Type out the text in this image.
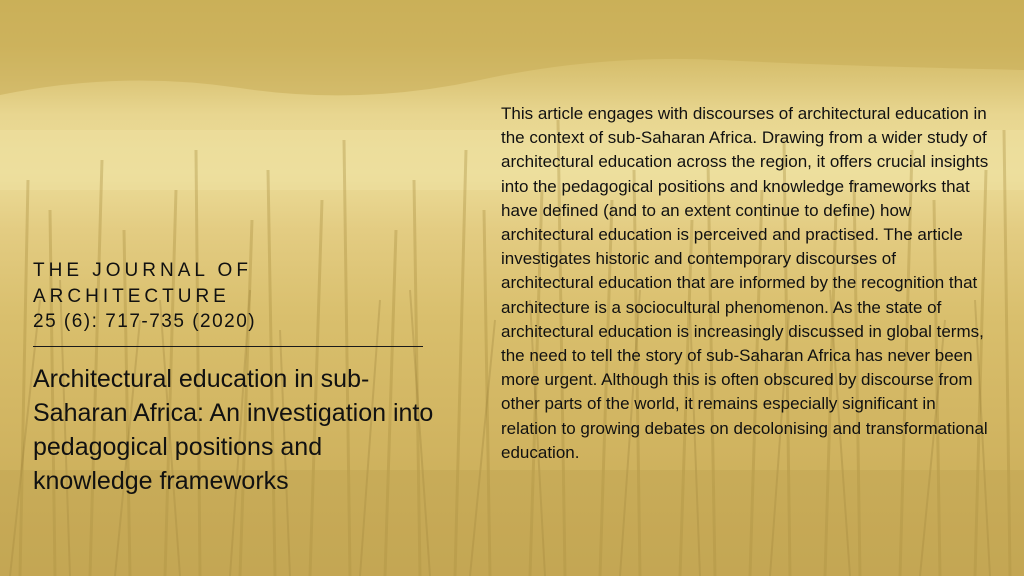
THE JOURNAL OF ARCHITECTURE

25 (6): 717-735 (2020)

Architectural education in sub-Saharan Africa: An investigation into pedagogical positions and knowledge frameworks

This article engages with discourses of architectural education in the context of sub-Saharan Africa. Drawing from a wider study of architectural education across the region, it offers crucial insights into the pedagogical positions and knowledge frameworks that have defined (and to an extent continue to define) how architectural education is perceived and practised. The article investigates historic and contemporary discourses of architectural education that are informed by the recognition that architecture is a sociocultural phenomenon. As the state of architectural education is increasingly discussed in global terms, the need to tell the story of sub-Saharan Africa has never been more urgent. Although this is often obscured by discourse from other parts of the world, it remains especially significant in relation to growing debates on decolonising and transformational education.
